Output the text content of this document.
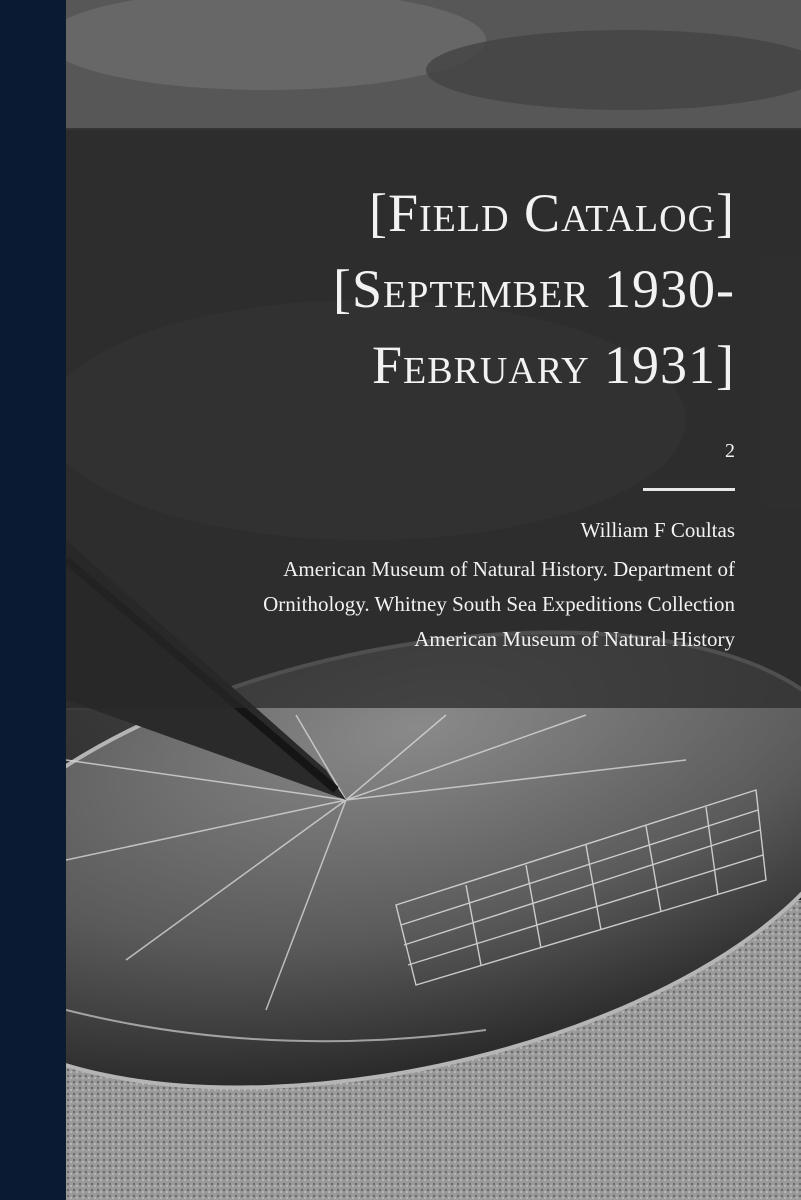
[Field Catalog]
[September 1930-
February 1931]
2
William F Coultas
American Museum of Natural History. Department of
Ornithology. Whitney South Sea Expeditions Collection
American Museum of Natural History
